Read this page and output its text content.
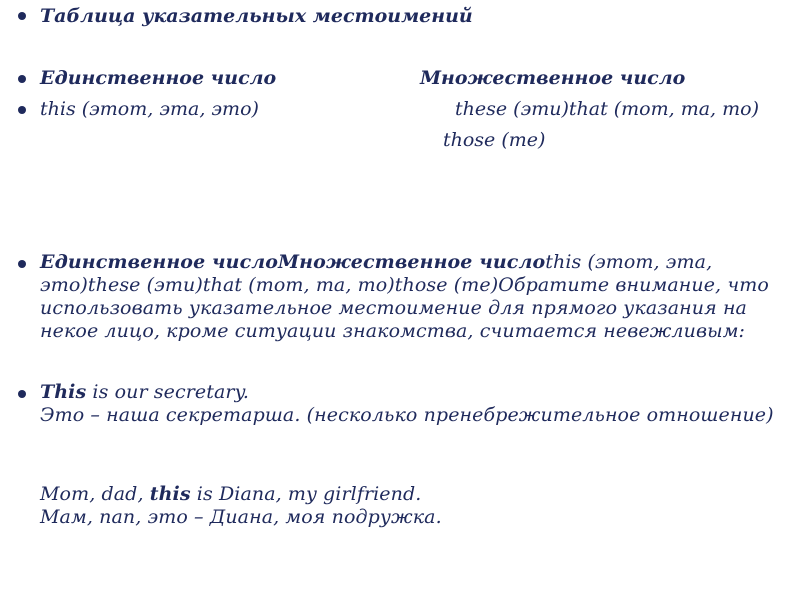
Таблица указательных местоимений
Единственное число	Множественное число
this (этот, эта, это)	these (эти)that (тот, та, то)
those (те)
Единственное числоМножественное числоthis (этот, эта, это)these (эти)that (тот, та, то)those (те)Обратите внимание, что использовать указательное местоимение для прямого указания на некое лицо, кроме ситуации знакомства, считается невежливым:
This is our secretary.
Это – наша секретарша. (несколько пренебрежительное отношение)
Mom, dad, this is Diana, my girlfriend.
Мам, пап, это – Диана, моя подружка.
